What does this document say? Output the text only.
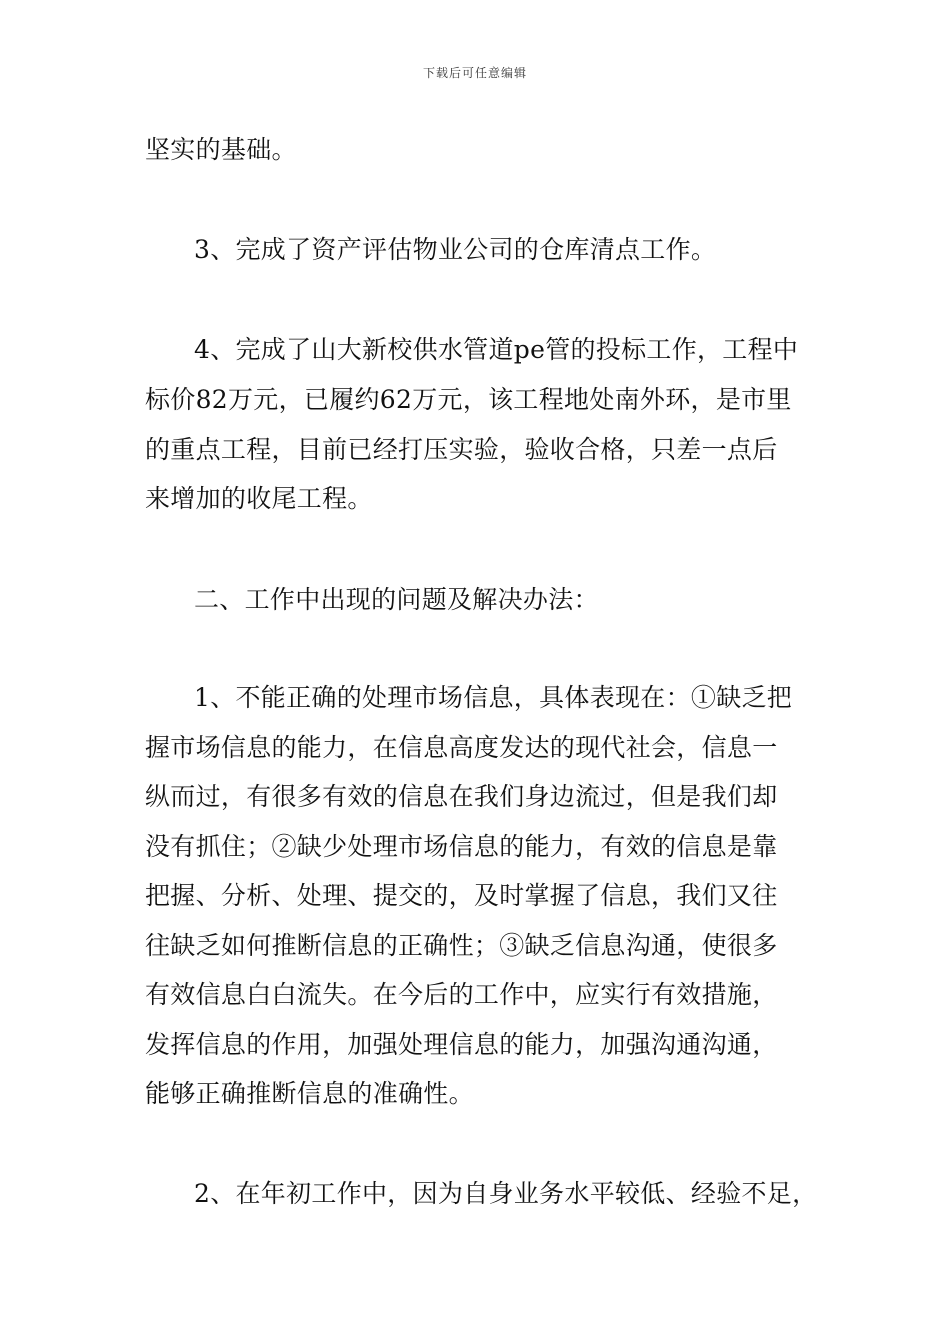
下载后可任意编辑
坚实的基础。
3、完成了资产评估物业公司的仓库清点工作。
4、完成了山大新校供水管道pe管的投标工作，工程中
标价82万元，已履约62万元，该工程地处南外环，是市里
的重点工程，目前已经打压实验，验收合格，只差一点后
来增加的收尾工程。
二、工作中出现的问题及解决办法：
1、不能正确的处理市场信息，具体表现在：①缺乏把
握市场信息的能力，在信息高度发达的现代社会，信息一
纵而过，有很多有效的信息在我们身边流过，但是我们却
没有抓住；②缺少处理市场信息的能力，有效的信息是靠
把握、分析、处理、提交的，及时掌握了信息，我们又往
往缺乏如何推断信息的正确性；③缺乏信息沟通，使很多
有效信息白白流失。在今后的工作中，应实行有效措施，
发挥信息的作用，加强处理信息的能力，加强沟通沟通，
能够正确推断信息的准确性。
2、在年初工作中，因为自身业务水平较低、经验不足，
